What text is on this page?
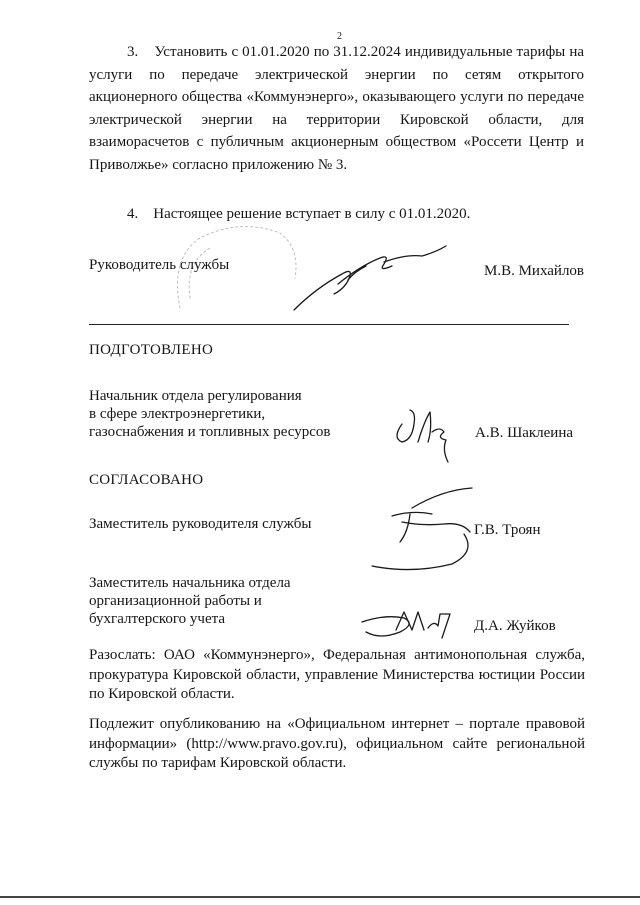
2
3. Установить с 01.01.2020 по 31.12.2024 индивидуальные тарифы на услуги по передаче электрической энергии по сетям открытого акционерного общества «Коммунэнерго», оказывающего услуги по передаче электрической энергии на территории Кировской области, для взаиморасчетов с публичным акционерным обществом «Россети Центр и Приволжье» согласно приложению № 3.
4. Настоящее решение вступает в силу с 01.01.2020.
Руководитель службы	М.В. Михайлов
ПОДГОТОВЛЕНО
Начальник отдела регулирования
в сфере электроэнергетики,
газоснабжения и топливных ресурсов	А.В. Шаклеина
СОГЛАСОВАНО
Заместитель руководителя службы	Г.В. Троян
Заместитель начальника отдела
организационной работы и
бухгалтерского учета	Д.А. Жуйков
Разослать: ОАО «Коммунэнерго», Федеральная антимонопольная служба, прокуратура Кировской области, управление Министерства юстиции России по Кировской области.
Подлежит опубликованию на «Официальном интернет – портале правовой информации» (http://www.pravo.gov.ru), официальном сайте региональной службы по тарифам Кировской области.
